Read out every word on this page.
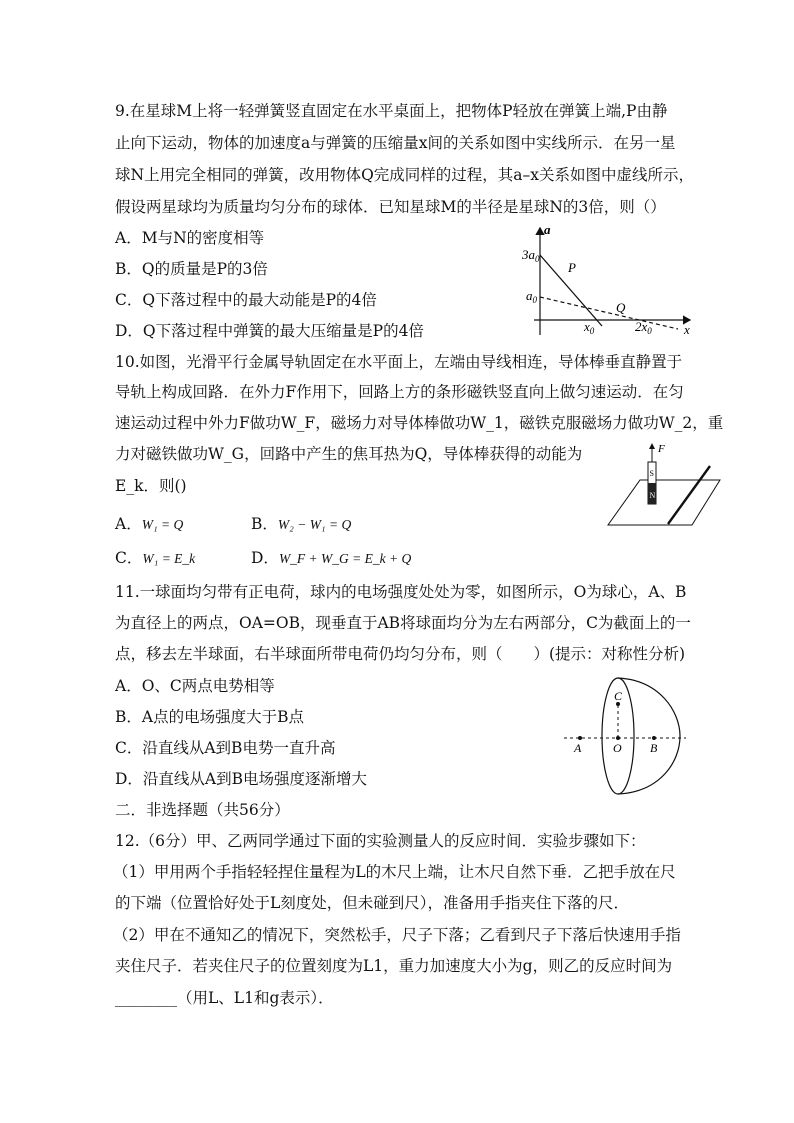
9.在星球M上将一轻弹簧竖直固定在水平桌面上，把物体P轻放在弹簧上端,P由静
止向下运动，物体的加速度a与弹簧的压缩量x间的关系如图中实线所示．在另一星
球N上用完全相同的弹簧，改用物体Q完成同样的过程，其a–x关系如图中虚线所示，
假设两星球均为质量均匀分布的球体．已知星球M的半径是星球N的3倍，则（）
A．M与N的密度相等
B．Q的质量是P的3倍
C．Q下落过程中的最大动能是P的4倍
D．Q下落过程中弹簧的最大压缩量是P的4倍
a
x
$3a_0$
$a_0$
P
Q
$x_0$	$2x_0$
10.如图，光滑平行金属导轨固定在水平面上，左端由导线相连，导体棒垂直静置于
导轨上构成回路．在外力F作用下，回路上方的条形磁铁竖直向上做匀速运动．在匀
速运动过程中外力F做功W_F，磁场力对导体棒做功W_1，磁铁克服磁场力做功W_2，重
力对磁铁做功W_G，回路中产生的焦耳热为Q，导体棒获得的动能为
E_k．则()
A．W₁ = Q	B．W₂ − W₁ = Q
C．W₁ = E_k	D．W_F + W_G = E_k + Q
S
N
F
11.一球面均匀带有正电荷，球内的电场强度处处为零，如图所示，O为球心，A、B
为直径上的两点，OA=OB，现垂直于AB将球面均分为左右两部分，C为截面上的一
点，移去左半球面，右半球面所带电荷仍均匀分布，则（　　）(提示：对称性分析)
A．O、C两点电势相等
B．A点的电场强度大于B点
C．沿直线从A到B电势一直升高
D．沿直线从A到B电场强度逐渐增大
C
A	O B
二．非选择题（共56分）
12.（6分）甲、乙两同学通过下面的实验测量人的反应时间．实验步骤如下：
（1）甲用两个手指轻轻捏住量程为L的木尺上端，让木尺自然下垂．乙把手放在尺
的下端（位置恰好处于L刻度处，但未碰到尺），准备用手指夹住下落的尺．
（2）甲在不通知乙的情况下，突然松手，尺子下落；乙看到尺子下落后快速用手指
夹住尺子．若夹住尺子的位置刻度为L1，重力加速度大小为g，则乙的反应时间为
________（用L、L1和g表示）．
